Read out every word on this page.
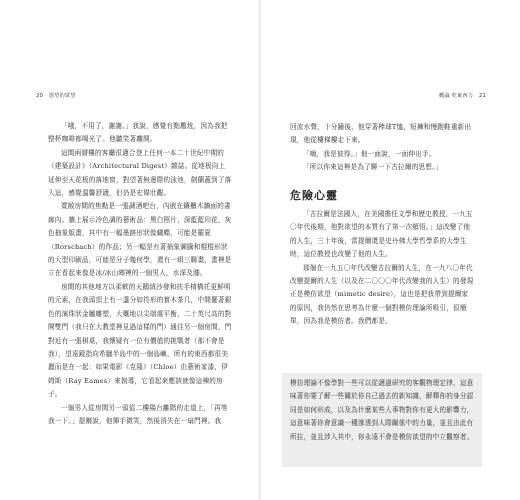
20 慾望的眾望

「哦，不用了，謝謝。」我說，感覺有點尷尬，因為我把整杯咖啡都喝光了。他聽笑著離開。

這間兩層樓的客廳很適合登上任何一本二十世紀中期的《建築設計》（Architectural Digest）雜誌。從地板向上延伸至天花板的落地窗，對望著無邊際的泳池，劍蘭蓋到了落入這，感覺溫馨舒適，但仍是宏偉壯觀。

寬敞房間的焦點是一張調酒吧台，內嵌在鑲櫃木牆面的書廊內。牆上展示冷色調的藝術品：黑白照片，深藍藍印花，灰色抽象版畫，其中有一幅墨跡形狀像蝴蝶，可能是羅夏（Rorschach）的作品；另一幅是有著抽象圖騰和棍棍形狀的大型印刷品，可能是分子幾何學，還有一組三聯畫，畫裡是立在看起來像是冰/冰山鄉裡的一個男人，水深及膝。

房間的其他地方以柔軟的天鵝絨沙發和扶手椅構托更鮮明的元素，在我頭頂上有一盞分如符形的實木茶几，中間擺著銀色的演珠狀金屬雕塑，大概地以尖端處平衡，二十英尺高的對開雙門（我只在大教堂裡見過這樣的門）通往另一個房間，門對近有一張棋桌，我懷疑有一位有價值的挑戰者（那不會是我），望遠鏡指向希臘半島中的一個島嶼，所有的東西都很美麗而是在一起：如果電影《克隆》（Chloe）由藝術家漆，伊姆斯（Ray Eames）來執導，它看起來應該就像這棟的房子。

一個男人從房間另一頭從二樓陽台離階的走道上，「再等我一下。」提爾說，他揮手微笑，然後消失在一扇門裡。我

概論 吃東西力 21

回流水聲，十分鐘後，他穿著棒球T恤，短褲和慢跑鞋重新出現，他從樓梯樓走下來。

「嗨，我是彼得。」他一面說，一面伸出手。

「所以你來這裡是為了聊一下古拉爾的思想。」

危險心靈

「古拉爾是法國人，在美國擔任文學和歷史教授，一九五〇年代後期，他對欲望的本質有了第一次頓悟。」這改變了他的人生，三十年後，當提爾還是史丹佛大學哲學系的大學生時，這位教授也改變了他的人生。

那個在一九五〇年代改變古拉爾的人生，在一九八〇年代改變提爾的人生（以及在二〇〇〇年代改變我的人生）的發現正是模仿欲望（mimetic desire），這也是把我帶到提爾家的原因，我仍然在思考為什麼一個對模仿理論所吸引，很簡單，因為我是模仿者。我們都是。

模仿理論不像學對一些可以從適過研究的客觀物理定律，這意味著你要了解一些關於你自己過去的新知識，解釋你的身分認同是如何形成，以及為什麼某些人事物對你有更大的影響力，這意味著你會意識一種滲透到人際關係中的力量，並且由此有所拉，並且涉入其中，你永遠不會是模仿欲望的中立觀察者。
